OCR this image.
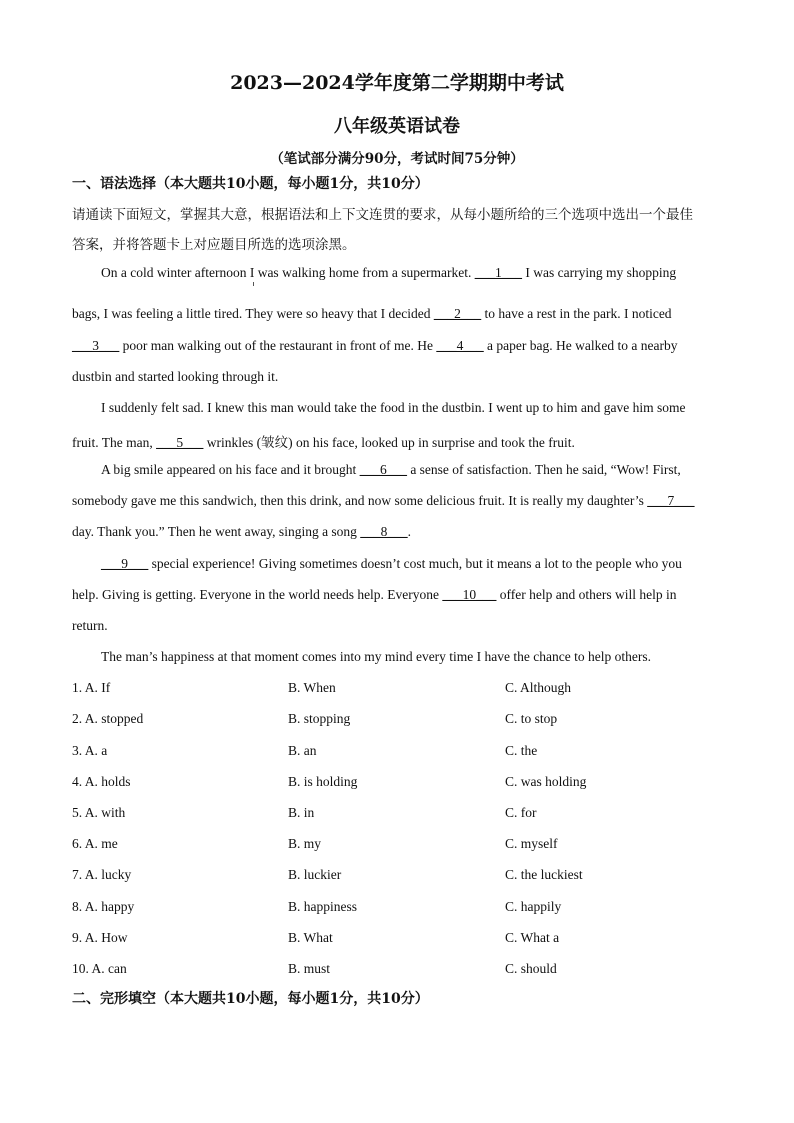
2023—2024学年度第二学期期中考试
八年级英语试卷
（笔试部分满分90分，考试时间75分钟）
一、语法选择（本大题共10小题，每小题1分，共10分）
请通读下面短文，掌握其大意，根据语法和上下文连贯的要求，从每小题所给的三个选项中选出一个最佳
答案，并将答题卡上对应题目所选的选项涂黑。
On a cold winter afternoon I was walking home from a supermarket. ___1___ I was carrying my shopping
bags, I was feeling a little tired. They were so heavy that I decided ___2___ to have a rest in the park. I noticed
___3___ poor man walking out of the restaurant in front of me. He ___4___ a paper bag. He walked to a nearby
dustbin and started looking through it.
I suddenly felt sad. I knew this man would take the food in the dustbin. I went up to him and gave him some
fruit. The man, ___5___ wrinkles (皱纹) on his face, looked up in surprise and took the fruit.
A big smile appeared on his face and it brought ___6___ a sense of satisfaction. Then he said, “Wow! First,
somebody gave me this sandwich, then this drink, and now some delicious fruit. It is really my daughter’s ___7___
day. Thank you.” Then he went away, singing a song ___8___.
___9___ special experience! Giving sometimes doesn’t cost much, but it means a lot to the people who you
help. Giving is getting. Everyone in the world needs help. Everyone ___10___ offer help and others will help in
return.
The man’s happiness at that moment comes into my mind every time I have the chance to help others.
1. A. If	B. When	C. Although
2. A. stopped	B. stopping	C. to stop
3. A. a	B. an	C. the
4. A. holds	B. is holding	C. was holding
5. A. with	B. in	C. for
6. A. me	B. my	C. myself
7. A. lucky	B. luckier	C. the luckiest
8. A. happy	B. happiness	C. happily
9. A. How	B. What	C. What a
10. A. can	B. must	C. should
二、完形填空（本大题共10小题，每小题1分，共10分）
